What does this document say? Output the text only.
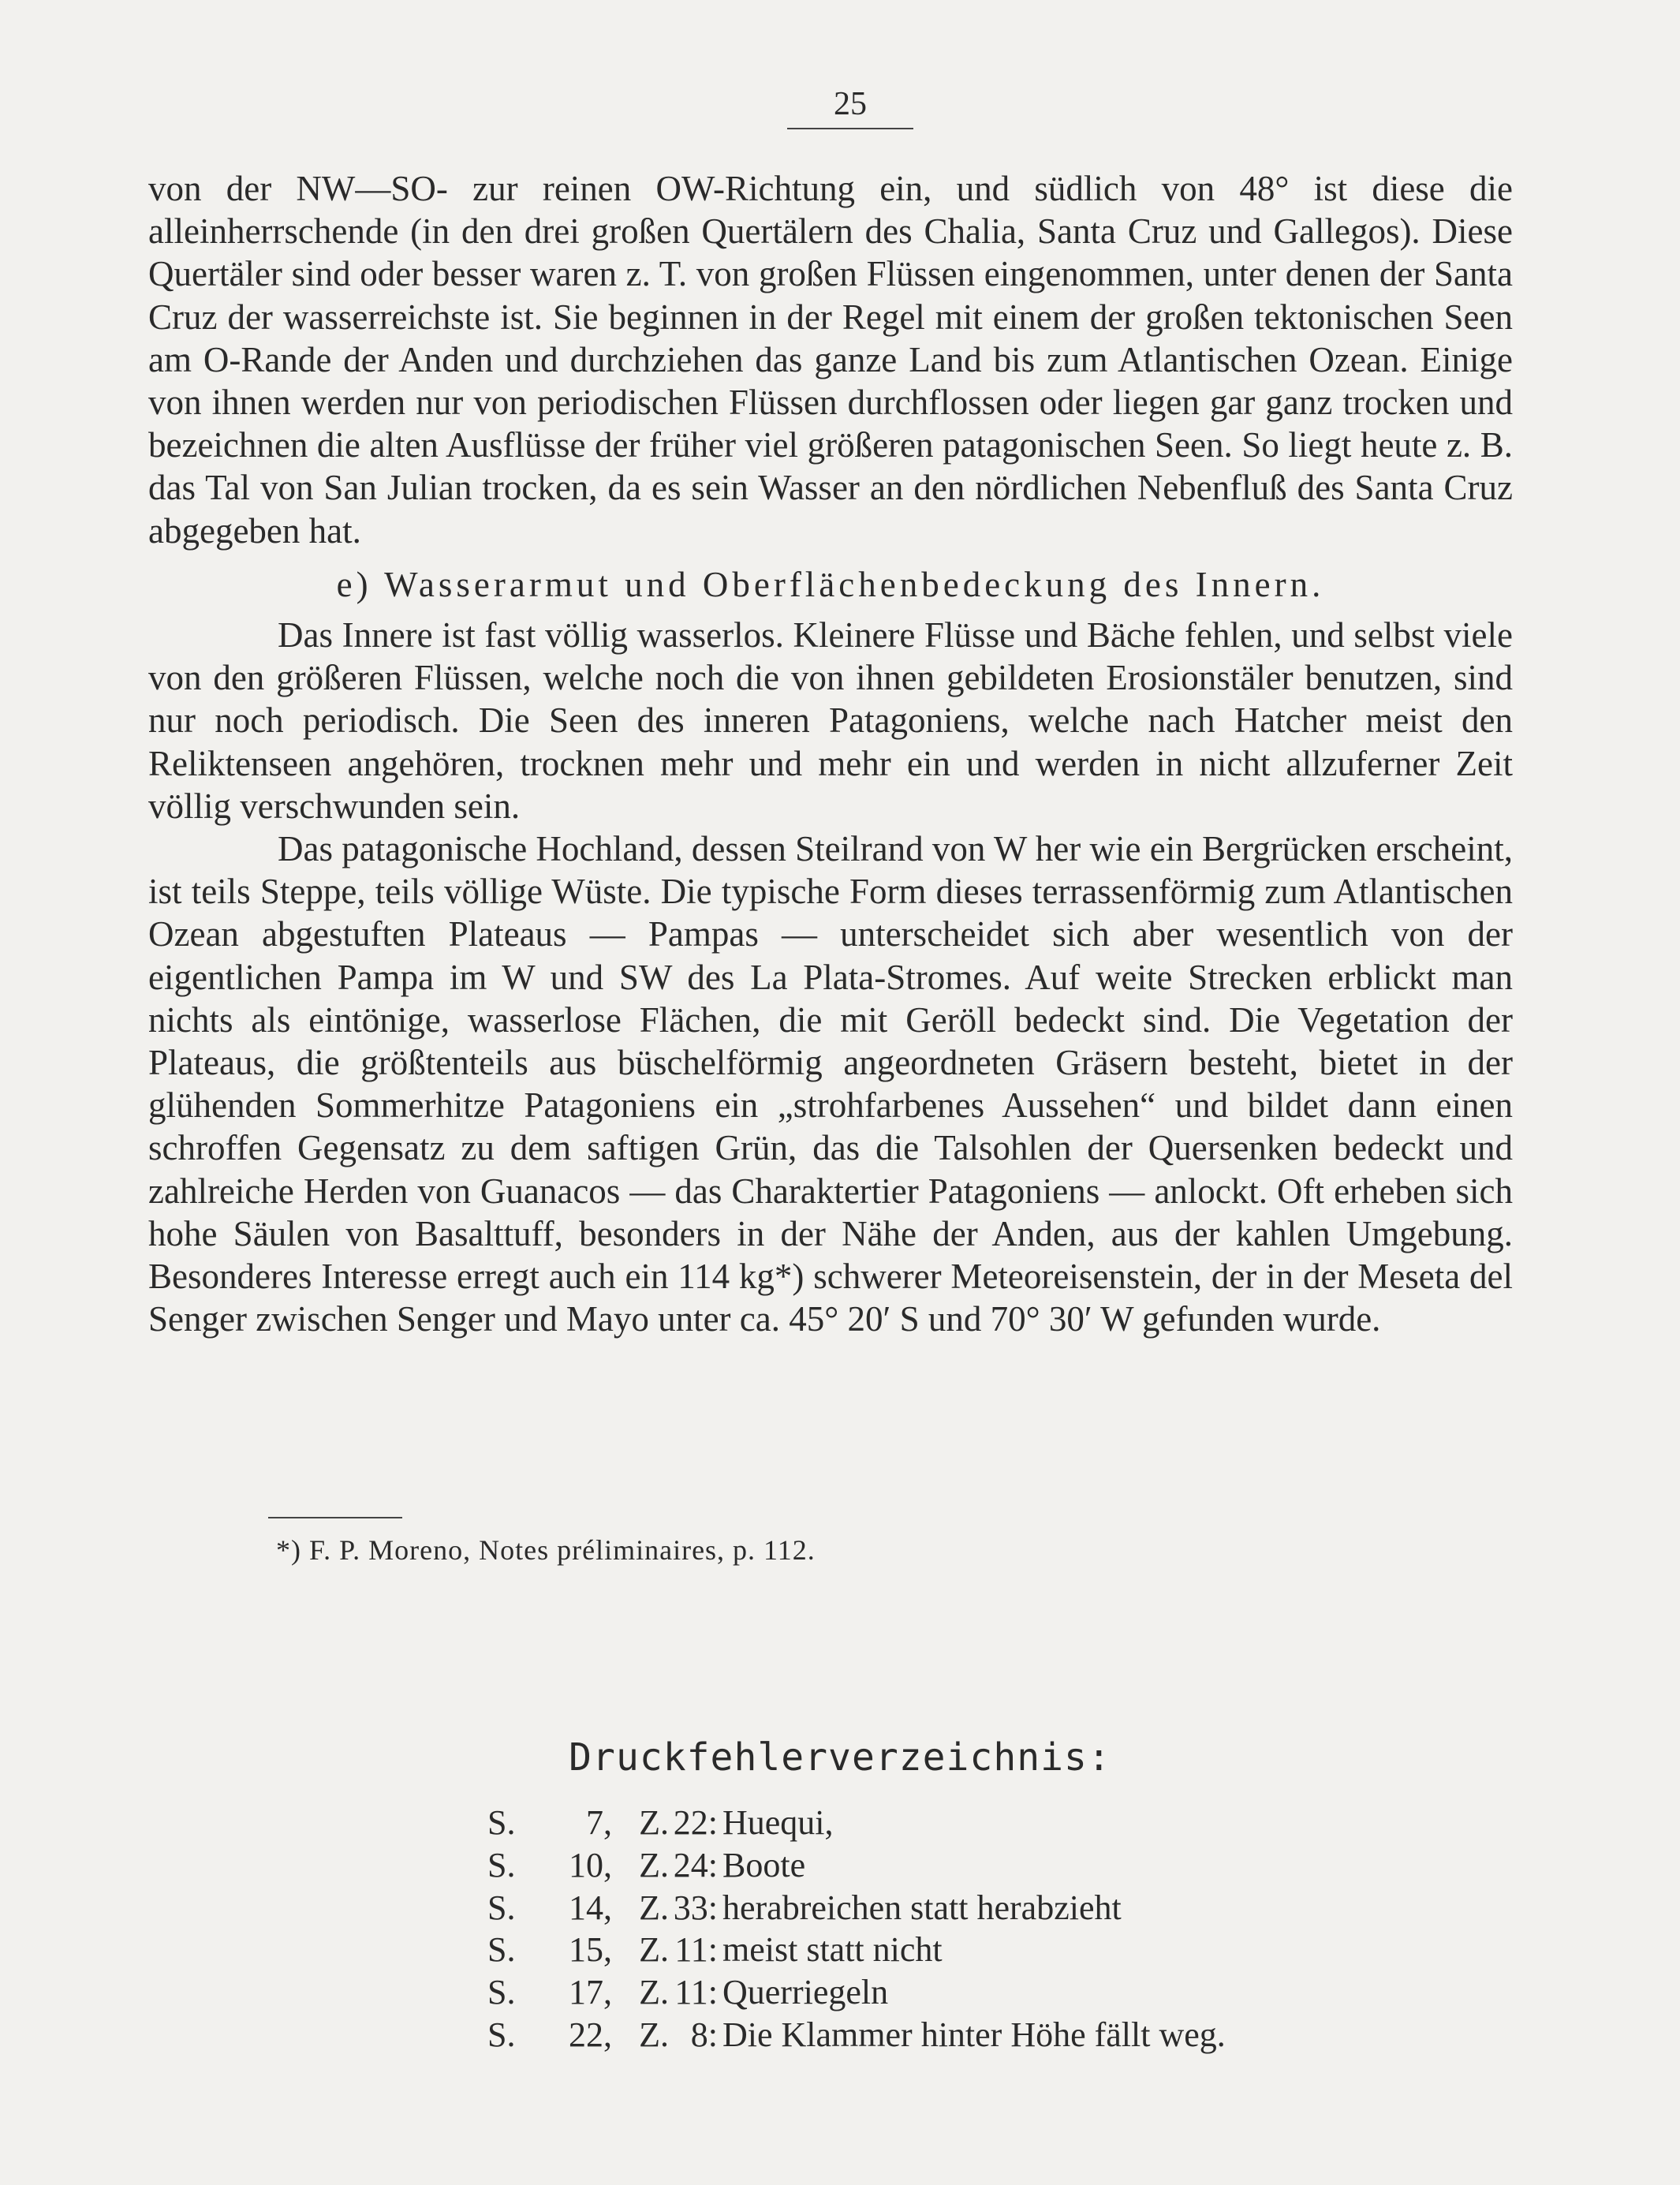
25

von der NW—SO- zur reinen OW-Richtung ein, und südlich von 48° ist diese die alleinherrschende (in den drei großen Quertälern des Chalia, Santa Cruz und Gallegos). Diese Quertäler sind oder besser waren z. T. von großen Flüssen eingenommen, unter denen der Santa Cruz der wasserreichste ist. Sie beginnen in der Regel mit einem der großen tektonischen Seen am O-Rande der Anden und durchziehen das ganze Land bis zum Atlantischen Ozean. Einige von ihnen werden nur von periodischen Flüssen durchflossen oder liegen gar ganz trocken und bezeichnen die alten Ausflüsse der früher viel größeren patagonischen Seen. So liegt heute z. B. das Tal von San Julian trocken, da es sein Wasser an den nördlichen Nebenfluß des Santa Cruz abgegeben hat.

e) Wasserarmut und Oberflächenbedeckung des Innern.

Das Innere ist fast völlig wasserlos. Kleinere Flüsse und Bäche fehlen, und selbst viele von den größeren Flüssen, welche noch die von ihnen gebildeten Erosionstäler benutzen, sind nur noch periodisch. Die Seen des inneren Patagoniens, welche nach Hatcher meist den Reliktenseen angehören, trocknen mehr und mehr ein und werden in nicht allzuferner Zeit völlig verschwunden sein.

Das patagonische Hochland, dessen Steilrand von W her wie ein Bergrücken erscheint, ist teils Steppe, teils völlige Wüste. Die typische Form dieses terrassenförmig zum Atlantischen Ozean abgestuften Plateaus — Pampas — unterscheidet sich aber wesentlich von der eigentlichen Pampa im W und SW des La Plata-Stromes. Auf weite Strecken erblickt man nichts als eintönige, wasserlose Flächen, die mit Geröll bedeckt sind. Die Vegetation der Plateaus, die größtenteils aus büschelförmig angeordneten Gräsern besteht, bietet in der glühenden Sommerhitze Patagoniens ein „strohfarbenes Aussehen“ und bildet dann einen schroffen Gegensatz zu dem saftigen Grün, das die Talsohlen der Quersenken bedeckt und zahlreiche Herden von Guanacos — das Charaktertier Patagoniens — anlockt. Oft erheben sich hohe Säulen von Basalttuff, besonders in der Nähe der Anden, aus der kahlen Umgebung. Besonderes Interesse erregt auch ein 114 kg*) schwerer Meteoreisenstein, der in der Meseta del Senger zwischen Senger und Mayo unter ca. 45° 20′ S und 70° 30′ W gefunden wurde.

*) F. P. Moreno, Notes préliminaires, p. 112.
Druckfehlerverzeichnis:
S.	7, Z. 22: Huequi,
S.	10, Z. 24: Boote
S.	14, Z. 33: herabreichen statt herabzieht
S.	15, Z. 11: meist statt nicht
S.	17, Z. 11: Querriegeln
S.	22, Z. 8: Die Klammer hinter Höhe fällt weg.
